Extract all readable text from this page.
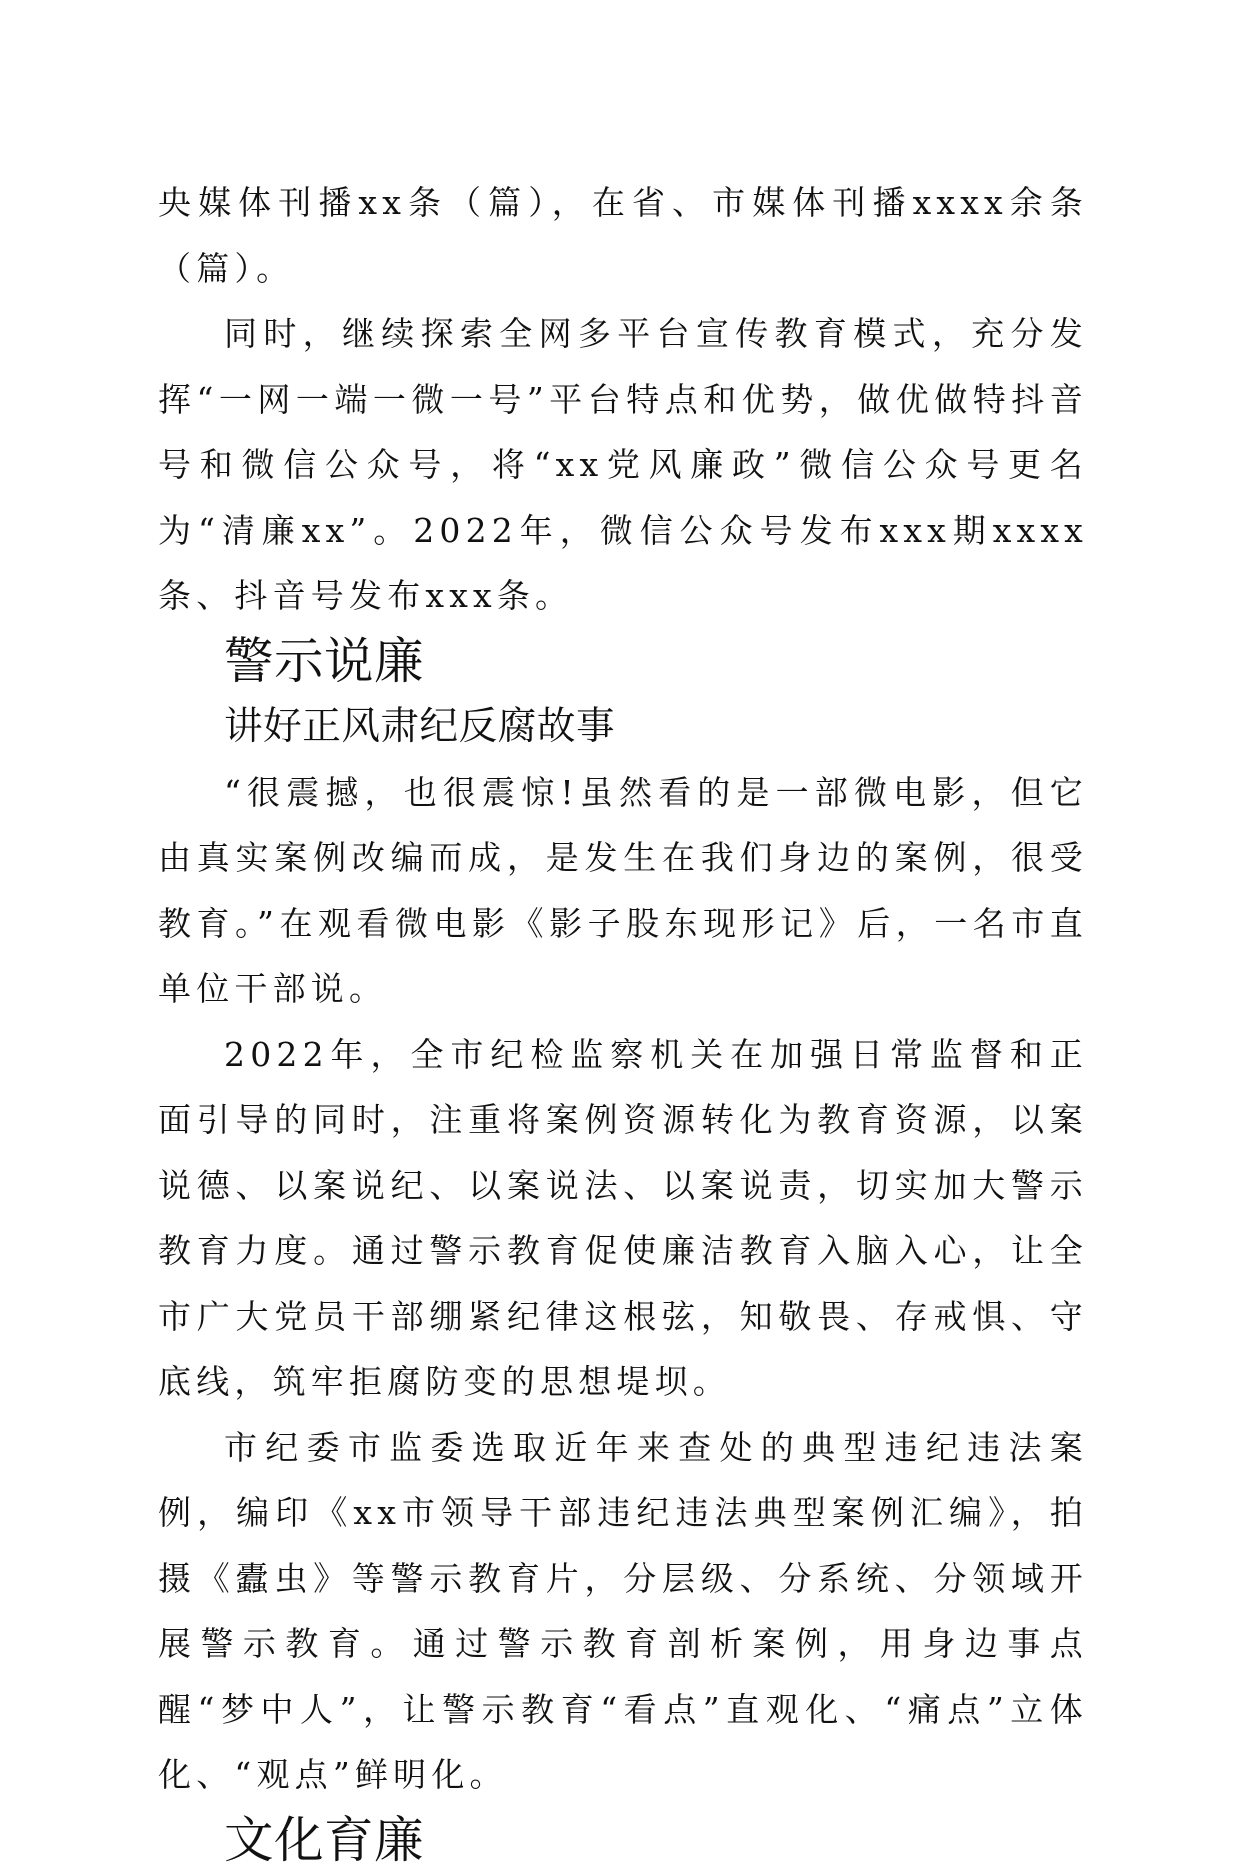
央媒体刊播xx条（篇），在省、市媒体刊播xxxx余条（篇）。

同时，继续探索全网多平台宣传教育模式，充分发挥“一网一端一微一号”平台特点和优势，做优做特抖音号和微信公众号，将“xx党风廉政”微信公众号更名为“清廉xx”。2022年，微信公众号发布xxx期xxxx条、抖音号发布xxx条。

警示说廉
讲好正风肃纪反腐故事

“很震撼，也很震惊!虽然看的是一部微电影，但它由真实案例改编而成，是发生在我们身边的案例，很受教育。”在观看微电影《影子股东现形记》后，一名市直单位干部说。

2022年，全市纪检监察机关在加强日常监督和正面引导的同时，注重将案例资源转化为教育资源，以案说德、以案说纪、以案说法、以案说责，切实加大警示教育力度。通过警示教育促使廉洁教育入脑入心，让全市广大党员干部绷紧纪律这根弦，知敬畏、存戒惧、守底线，筑牢拒腐防变的思想堤坝。

市纪委市监委选取近年来查处的典型违纪违法案例，编印《xx市领导干部违纪违法典型案例汇编》，拍摄《蠹虫》等警示教育片，分层级、分系统、分领域开展警示教育。通过警示教育剖析案例，用身边事点醒“梦中人”，让警示教育“看点”直观化、“痛点”立体化、“观点”鲜明化。

文化育廉
